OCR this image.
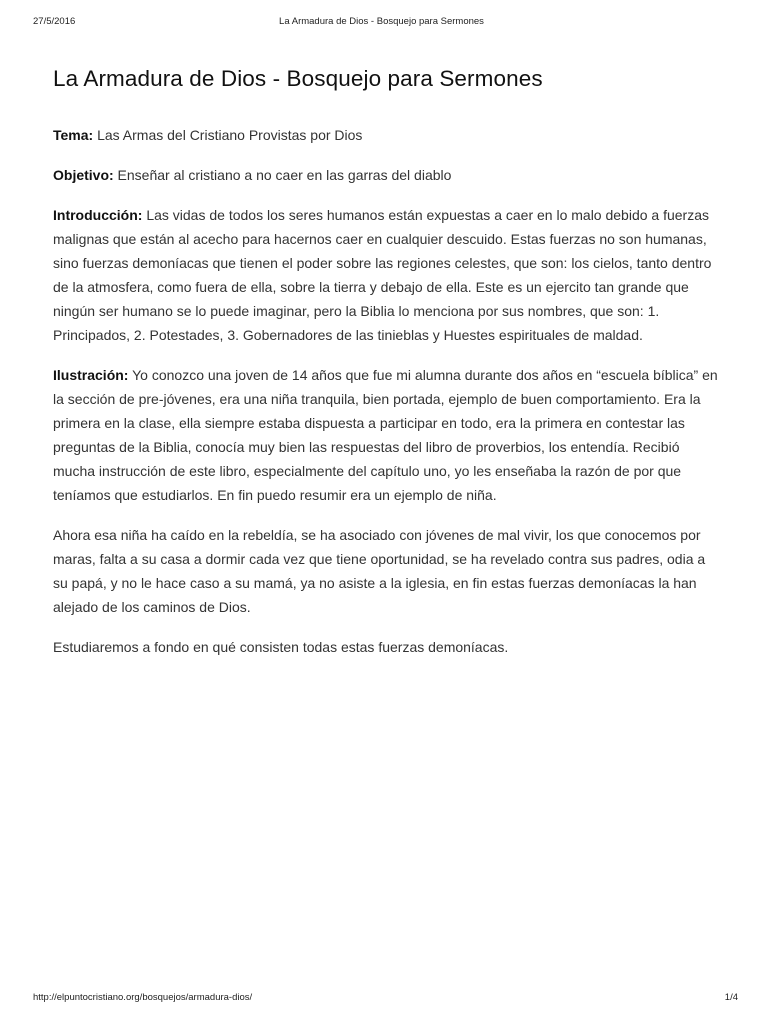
27/5/2016	La Armadura de Dios - Bosquejo para Sermones
La Armadura de Dios - Bosquejo para Sermones

Tema: Las Armas del Cristiano Provistas por Dios

Objetivo: Enseñar al cristiano a no caer en las garras del diablo

Introducción: Las vidas de todos los seres humanos están expuestas a caer en lo malo debido a fuerzas malignas que están al acecho para hacernos caer en cualquier descuido. Estas fuerzas no son humanas, sino fuerzas demoníacas que tienen el poder sobre las regiones celestes, que son: los cielos, tanto dentro de la atmosfera, como fuera de ella, sobre la tierra y debajo de ella. Este es un ejercito tan grande que ningún ser humano se lo puede imaginar, pero la Biblia lo menciona por sus nombres, que son: 1. Principados, 2. Potestades, 3. Gobernadores de las tinieblas y Huestes espirituales de maldad.

Ilustración: Yo conozco una joven de 14 años que fue mi alumna durante dos años en “escuela bíblica” en la sección de pre-jóvenes, era una niña tranquila, bien portada, ejemplo de buen comportamiento. Era la primera en la clase, ella siempre estaba dispuesta a participar en todo, era la primera en contestar las preguntas de la Biblia, conocía muy bien las respuestas del libro de proverbios, los entendía. Recibió mucha instrucción de este libro, especialmente del capítulo uno, yo les enseñaba la razón de por que teníamos que estudiarlos. En fin puedo resumir era un ejemplo de niña.

Ahora esa niña ha caído en la rebeldía, se ha asociado con jóvenes de mal vivir, los que conocemos por maras, falta a su casa a dormir cada vez que tiene oportunidad, se ha revelado contra sus padres, odia a su papá, y no le hace caso a su mamá, ya no asiste a la iglesia, en fin estas fuerzas demoníacas la han alejado de los caminos de Dios.

Estudiaremos a fondo en qué consisten todas estas fuerzas demoníacas.

http://elpuntocristiano.org/bosquejos/armadura-dios/	1/4
